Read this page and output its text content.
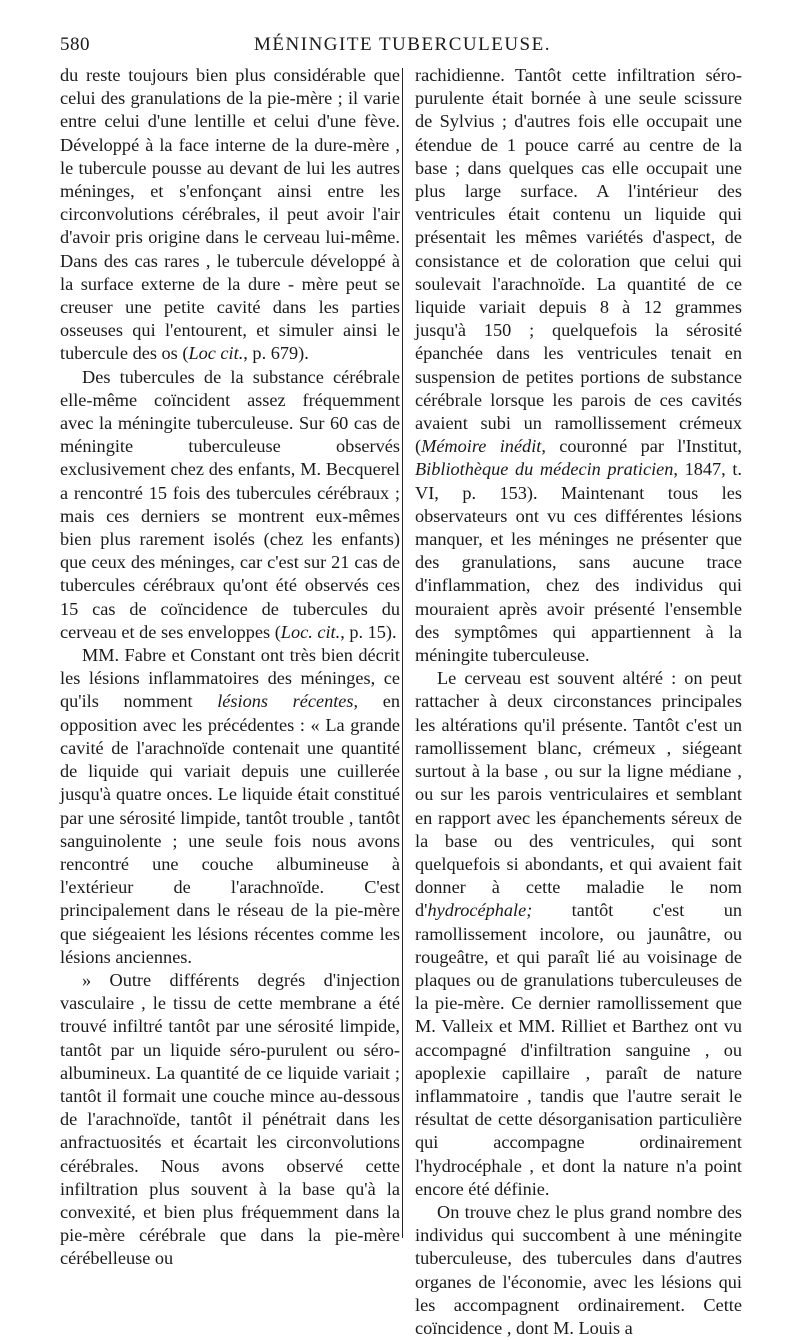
580	MÉNINGITE TUBERCULEUSE.

du reste toujours bien plus considérable que celui des granulations de la pie-mère ; il varie entre celui d'une lentille et celui d'une fève. Développé à la face interne de la dure-mère , le tubercule pousse au devant de lui les autres méninges, et s'enfonçant ainsi entre les circonvolutions cérébrales, il peut avoir l'air d'avoir pris origine dans le cerveau lui-même. Dans des cas rares , le tubercule développé à la surface externe de la dure - mère peut se creuser une petite cavité dans les parties osseuses qui l'entourent, et simuler ainsi le tubercule des os (Loc cit., p. 679).

Des tubercules de la substance cérébrale elle-même coïncident assez fréquemment avec la méningite tuberculeuse. Sur 60 cas de méningite tuberculeuse observés exclusivement chez des enfants, M. Becquerel a rencontré 15 fois des tubercules cérébraux ; mais ces derniers se montrent eux-mêmes bien plus rarement isolés (chez les enfants) que ceux des méninges, car c'est sur 21 cas de tubercules cérébraux qu'ont été observés ces 15 cas de coïncidence de tubercules du cerveau et de ses enveloppes (Loc. cit., p. 15).

MM. Fabre et Constant ont très bien décrit les lésions inflammatoires des méninges, ce qu'ils nomment lésions récentes, en opposition avec les précédentes : « La grande cavité de l'arachnoïde contenait une quantité de liquide qui variait depuis une cuillerée jusqu'à quatre onces. Le liquide était constitué par une sérosité limpide, tantôt trouble , tantôt sanguinolente ; une seule fois nous avons rencontré une couche albumineuse à l'extérieur de l'arachnoïde. C'est principalement dans le réseau de la pie-mère que siégeaient les lésions récentes comme les lésions anciennes.

» Outre différents degrés d'injection vasculaire , le tissu de cette membrane a été trouvé infiltré tantôt par une sérosité limpide, tantôt par un liquide séro-purulent ou séro-albumineux. La quantité de ce liquide variait ; tantôt il formait une couche mince au-dessous de l'arachnoïde, tantôt il pénétrait dans les anfractuosités et écartait les circonvolutions cérébrales. Nous avons observé cette infiltration plus souvent à la base qu'à la convexité, et bien plus fréquemment dans la pie-mère cérébrale que dans la pie-mère cérébelleuse ou

rachidienne. Tantôt cette infiltration séro-purulente était bornée à une seule scissure de Sylvius ; d'autres fois elle occupait une étendue de 1 pouce carré au centre de la base ; dans quelques cas elle occupait une plus large surface. A l'intérieur des ventricules était contenu un liquide qui présentait les mêmes variétés d'aspect, de consistance et de coloration que celui qui soulevait l'arachnoïde. La quantité de ce liquide variait depuis 8 à 12 grammes jusqu'à 150 ; quelquefois la sérosité épanchée dans les ventricules tenait en suspension de petites portions de substance cérébrale lorsque les parois de ces cavités avaient subi un ramollissement crémeux (Mémoire inédit, couronné par l'Institut, Bibliothèque du médecin praticien, 1847, t. VI, p. 153). Maintenant tous les observateurs ont vu ces différentes lésions manquer, et les méninges ne présenter que des granulations, sans aucune trace d'inflammation, chez des individus qui mouraient après avoir présenté l'ensemble des symptômes qui appartiennent à la méningite tuberculeuse.

Le cerveau est souvent altéré : on peut rattacher à deux circonstances principales les altérations qu'il présente. Tantôt c'est un ramollissement blanc, crémeux , siégeant surtout à la base , ou sur la ligne médiane , ou sur les parois ventriculaires et semblant en rapport avec les épanchements séreux de la base ou des ventricules, qui sont quelquefois si abondants, et qui avaient fait donner à cette maladie le nom d'hydrocéphale; tantôt c'est un ramollissement incolore, ou jaunâtre, ou rougeâtre, et qui paraît lié au voisinage de plaques ou de granulations tuberculeuses de la pie-mère. Ce dernier ramollissement que M. Valleix et MM. Rilliet et Barthez ont vu accompagné d'infiltration sanguine , ou apoplexie capillaire , paraît de nature inflammatoire , tandis que l'autre serait le résultat de cette désorganisation particulière qui accompagne ordinairement l'hydrocéphale , et dont la nature n'a point encore été définie.

On trouve chez le plus grand nombre des individus qui succombent à une méningite tuberculeuse, des tubercules dans d'autres organes de l'économie, avec les lésions qui les accompagnent ordinairement. Cette coïncidence , dont M. Louis a
